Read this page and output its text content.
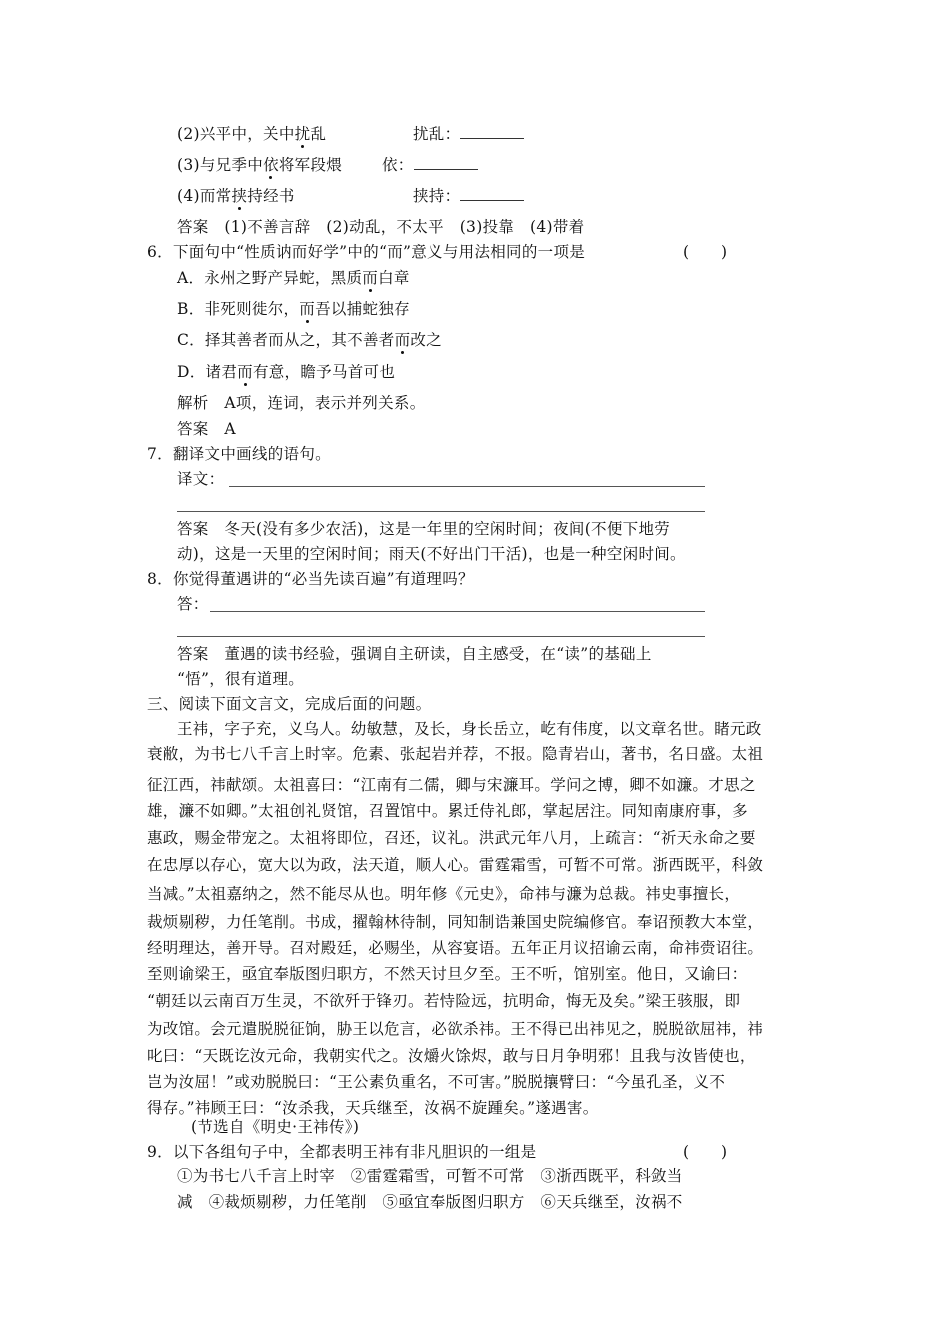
(2)兴平中，关中扰乱	扰乱：
(3)与兄季中依将军段煨	依：
(4)而常挟持经书	挟持：
答案　(1)不善言辞　(2)动乱，不太平　(3)投靠　(4)带着
6．下面句中“性质讷而好学”中的“而”意义与用法相同的一项是	(　　)
A．永州之野产异蛇，黑质而白章
B．非死则徙尔，而吾以捕蛇独存
C．择其善者而从之，其不善者而改之
D．诸君而有意，瞻予马首可也
解析　A项，连词，表示并列关系。
答案　A
7．翻译文中画线的语句。
译文：
答案　冬天(没有多少农活)，这是一年里的空闲时间；夜间(不便下地劳
动)，这是一天里的空闲时间；雨天(不好出门干活)，也是一种空闲时间。
8．你觉得董遇讲的“必当先读百遍”有道理吗？
答：
答案　董遇的读书经验，强调自主研读，自主感受，在“读”的基础上
“悟”，很有道理。
三、阅读下面文言文，完成后面的问题。
王祎，字子充，义乌人。幼敏慧，及长，身长岳立，屹有伟度，以文章名世。睹元政
衰敝，为书七八千言上时宰。危素、张起岩并荐，不报。隐青岩山，著书，名日盛。太祖
征江西，祎献颂。太祖喜曰：“江南有二儒，卿与宋濂耳。学问之博，卿不如濂。才思之
雄，濂不如卿。”太祖创礼贤馆，召置馆中。累迁侍礼郎，掌起居注。同知南康府事，多
惠政，赐金带宠之。太祖将即位，召还，议礼。洪武元年八月，上疏言：“祈天永命之要
在忠厚以存心，宽大以为政，法天道，顺人心。雷霆霜雪，可暂不可常。浙西既平，科敛
当减。”太祖嘉纳之，然不能尽从也。明年修《元史》，命祎与濂为总裁。祎史事擅长，
裁烦剔秽，力任笔削。书成，擢翰林待制，同知制诰兼国史院编修官。奉诏预教大本堂，
经明理达，善开导。召对殿廷，必赐坐，从容宴语。五年正月议招谕云南，命祎赍诏往。
至则谕梁王，亟宜奉版图归职方，不然天讨旦夕至。王不听，馆别室。他日，又谕曰：
“朝廷以云南百万生灵，不欲歼于锋刃。若恃险远，抗明命，悔无及矣。”梁王骇服，即
为改馆。会元遣脱脱征饷，胁王以危言，必欲杀祎。王不得已出祎见之，脱脱欲屈祎，祎
叱曰：“天既讫汝元命，我朝实代之。汝爝火馀烬，敢与日月争明邪！且我与汝皆使也，
岂为汝屈！”或劝脱脱曰：“王公素负重名，不可害。”脱脱攘臂曰：“今虽孔圣，义不
得存。”祎顾王曰：“汝杀我，天兵继至，汝祸不旋踵矣。”遂遇害。
(节选自《明史·王祎传》)
9．以下各组句子中，全都表明王祎有非凡胆识的一组是	(　　)
①为书七八千言上时宰　②雷霆霜雪，可暂不可常　③浙西既平，科敛当
减　④裁烦剔秽，力任笔削　⑤亟宜奉版图归职方　⑥天兵继至，汝祸不
